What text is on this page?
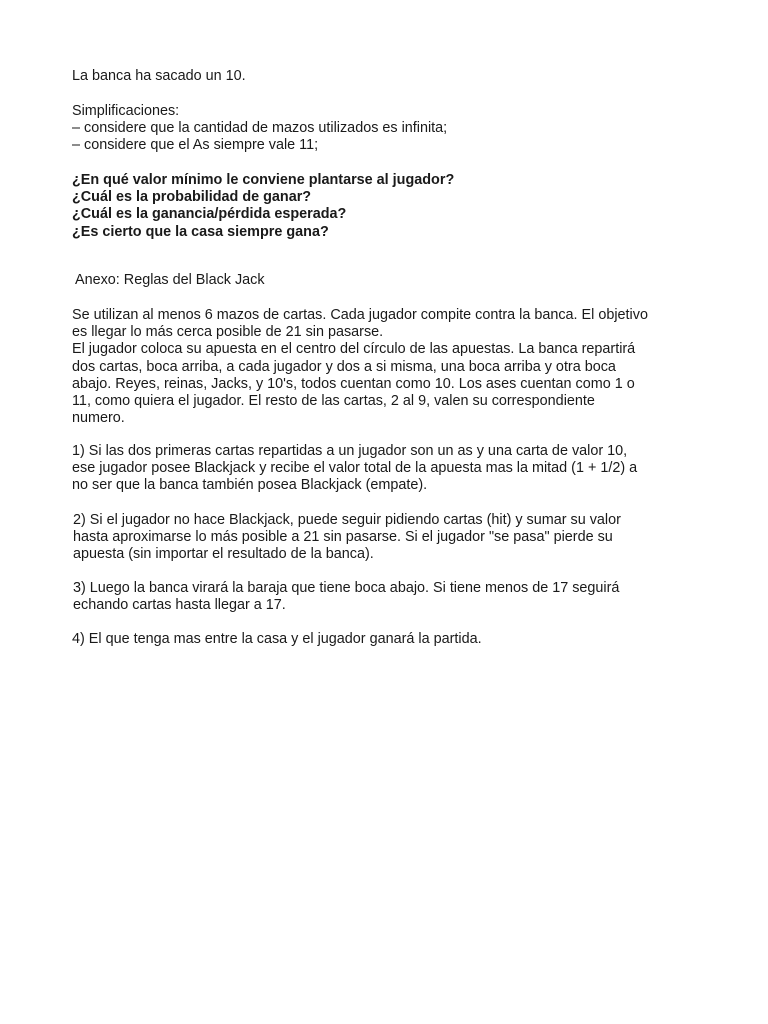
La banca ha sacado un 10.

Simplificaciones:

– considere que la cantidad de mazos utilizados es infinita;

– considere que el As siempre vale 11;

¿En qué valor mínimo le conviene plantarse al jugador?

¿Cuál es la probabilidad de ganar?

¿Cuál es la ganancia/pérdida esperada?

¿Es cierto que la casa siempre gana?

Anexo: Reglas del Black Jack

Se utilizan al menos 6 mazos de cartas. Cada jugador compite contra la banca. El objetivo

es llegar lo más cerca posible de 21 sin pasarse.

El jugador coloca su apuesta en el centro del círculo de las apuestas. La banca repartirá

dos cartas, boca arriba, a cada jugador y dos a si misma, una boca arriba y otra boca

abajo. Reyes, reinas, Jacks, y 10's, todos cuentan como 10. Los ases cuentan como 1 o

11, como quiera el jugador. El resto de las cartas, 2 al 9, valen su correspondiente

numero.

1) Si las dos primeras cartas repartidas a un jugador son un as y una carta de valor 10,

ese jugador posee Blackjack y recibe el valor total de la apuesta mas la mitad (1 + 1/2) a

no ser que la banca también posea Blackjack (empate).

2) Si el jugador no hace Blackjack, puede seguir pidiendo cartas (hit) y sumar su valor

hasta aproximarse lo más posible a 21 sin pasarse. Si el jugador "se pasa" pierde su

apuesta (sin importar el resultado de la banca).

3) Luego la banca virará la baraja que tiene boca abajo. Si tiene menos de 17 seguirá

echando cartas hasta llegar a 17.

4) El que tenga mas entre la casa y el jugador ganará la partida.
